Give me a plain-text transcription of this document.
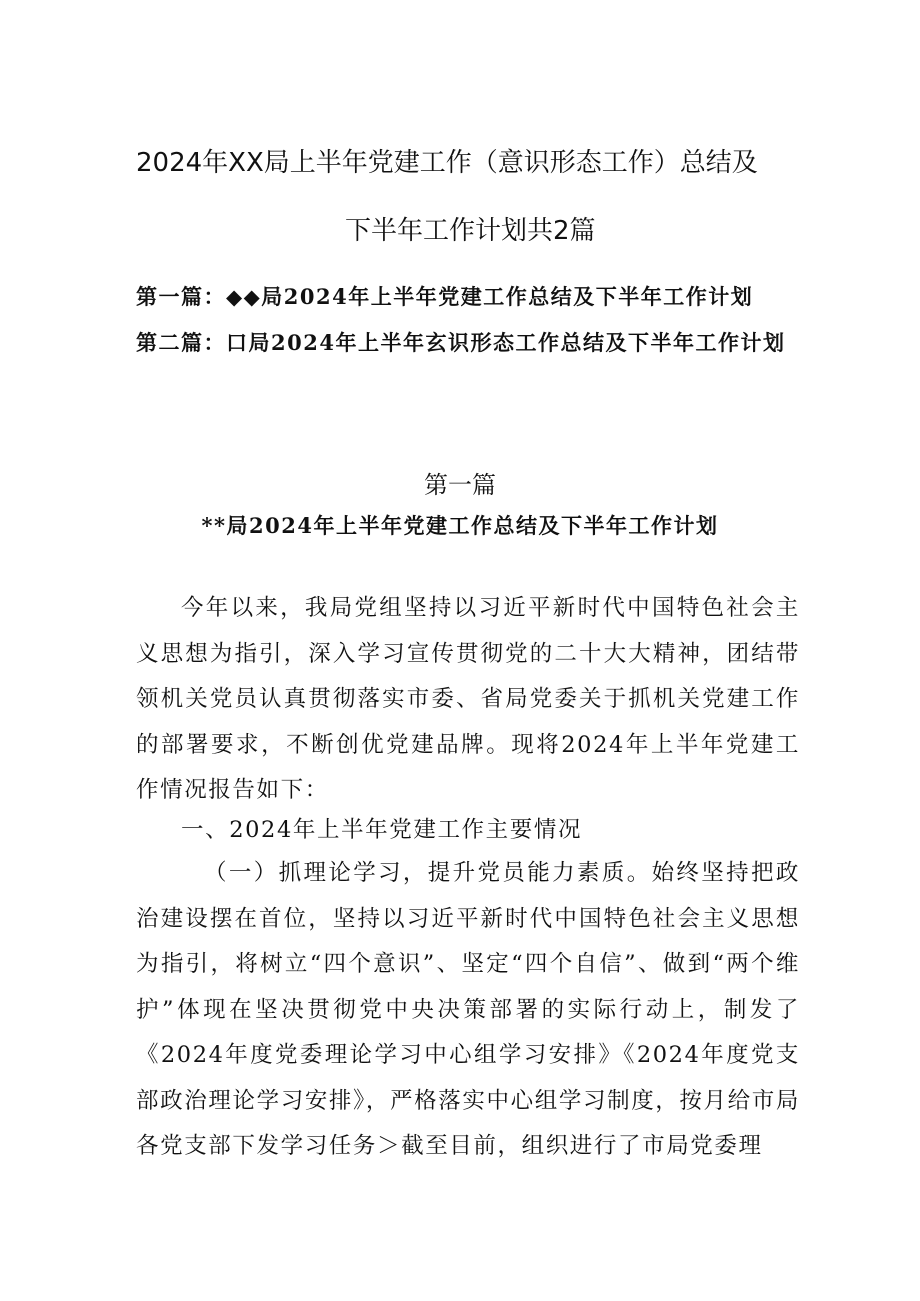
2024年XX局上半年党建工作（意识形态工作）总结及
下半年工作计划共2篇
第一篇：◆◆局2024年上半年党建工作总结及下半年工作计划
第二篇：口局2024年上半年玄识形态工作总结及下半年工作计划
第一篇
**局2024年上半年党建工作总结及下半年工作计划
今年以来，我局党组坚持以习近平新时代中国特色社会主义思想为指引，深入学习宣传贯彻党的二十大大精神，团结带领机关党员认真贯彻落实市委、省局党委关于抓机关党建工作的部署要求，不断创优党建品牌。现将2024年上半年党建工作情况报告如下：
一、2024年上半年党建工作主要情况
（一）抓理论学习，提升党员能力素质。始终坚持把政治建设摆在首位，坚持以习近平新时代中国特色社会主义思想为指引，将树立“四个意识”、坚定“四个自信”、做到“两个维护”体现在坚决贯彻党中央决策部署的实际行动上，制发了《2024年度党委理论学习中心组学习安排》《2024年度党支部政治理论学习安排》，严格落实中心组学习制度，按月给市局各党支部下发学习任务＞截至目前，组织进行了市局党委理
